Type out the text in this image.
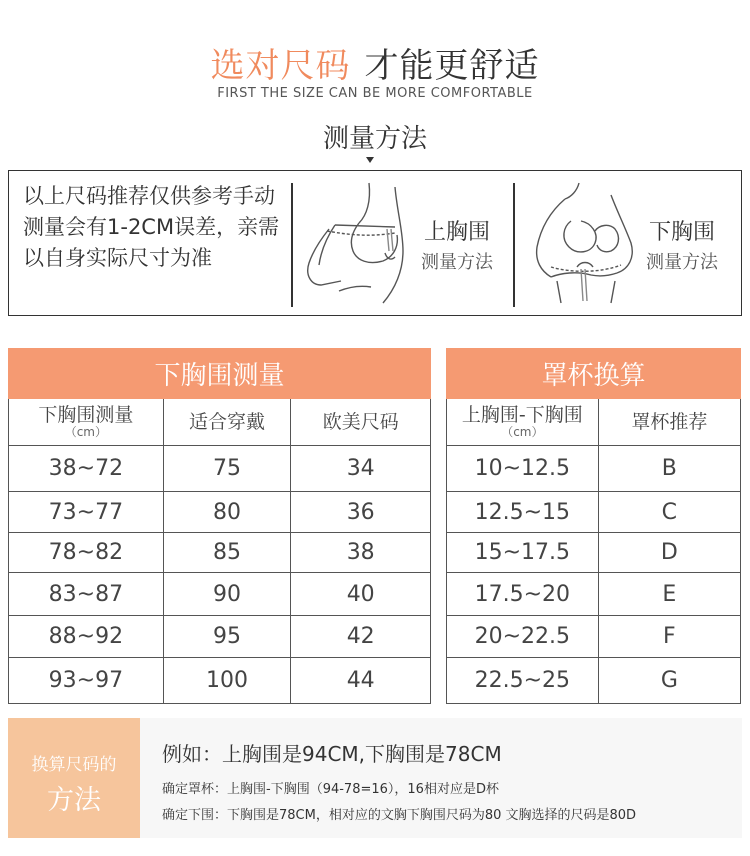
选对尺码 才能更舒适
FIRST THE SIZE CAN BE MORE COMFORTABLE
测量方法
以上尺码推荐仅供参考手动测量会有1-2CM误差，亲需以自身实际尺寸为准
上胸围
测量方法
下胸围
测量方法
下胸围测量		
下胸围测量
（cm）	适合穿戴	欧美尺码
38~72	75	34
73~77	80	36
78~82	85	38
83~87	90	40
88~92	95	42
93~97	100	44
罩杯换算	
上胸围-下胸围
（cm）	罩杯推荐
10~12.5	B
12.5~15	C
15~17.5	D
17.5~20	E
20~22.5	F
22.5~25	G
换算尺码的
方法
例如：上胸围是94CM,下胸围是78CM
确定罩杯：上胸围-下胸围（94-78=16），16相对应是D杯
确定下围：下胸围是78CM，相对应的文胸下胸围尺码为80 文胸选择的尺码是80D
